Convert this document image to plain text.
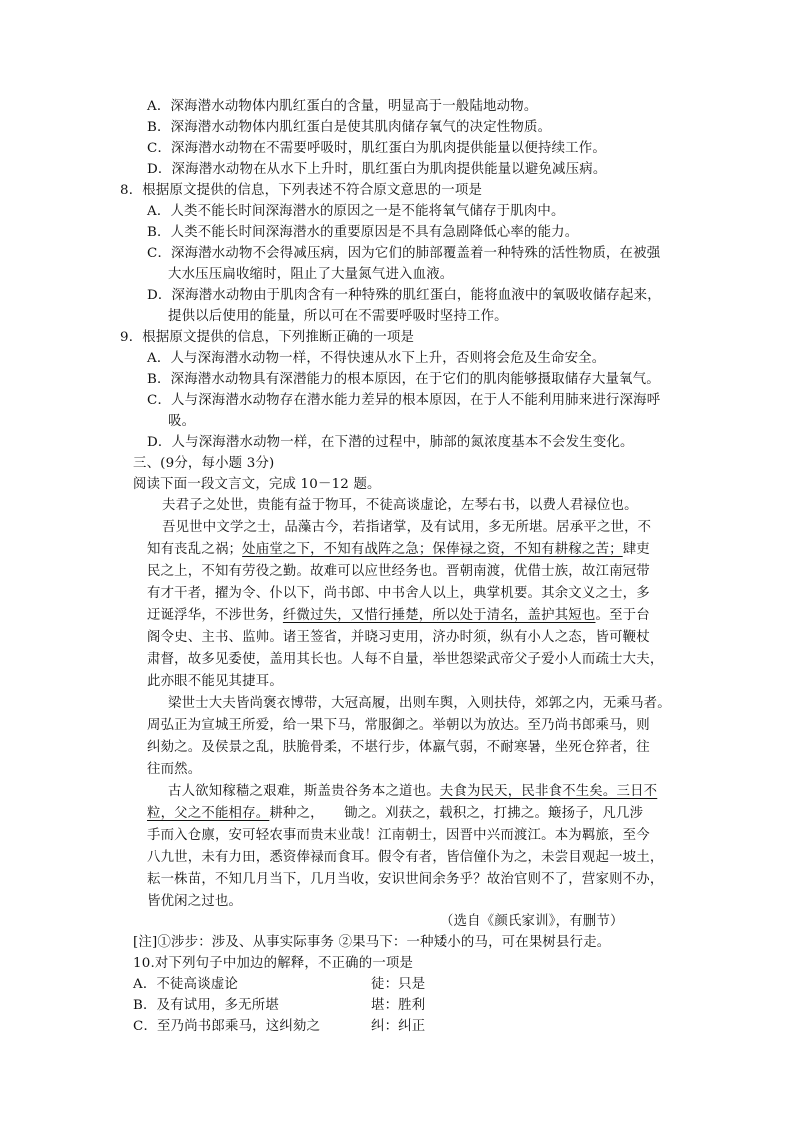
A．深海潜水动物体内肌红蛋白的含量，明显高于一般陆地动物。
B．深海潜水动物体内肌红蛋白是使其肌肉储存氧气的决定性物质。
C．深海潜水动物在不需要呼吸时，肌红蛋白为肌肉提供能量以便持续工作。
D．深海潜水动物在从水下上升时，肌红蛋白为肌肉提供能量以避免减压病。
8．根据原文提供的信息，下列表述不符合原文意思的一项是
A．人类不能长时间深海潜水的原因之一是不能将氧气储存于肌肉中。
B．人类不能长时间深海潜水的重要原因是不具有急剧降低心率的能力。
C．深海潜水动物不会得减压病，因为它们的肺部覆盖着一种特殊的活性物质，在被强
大水压压扁收缩时，阻止了大量氮气进入血液。
D．深海潜水动物由于肌肉含有一种特殊的肌红蛋白，能将血液中的氧吸收储存起来，
提供以后使用的能量，所以可在不需要呼吸时坚持工作。
9．根据原文提供的信息，下列推断正确的一项是
A．人与深海潜水动物一样，不得快速从水下上升，否则将会危及生命安全。
B．深海潜水动物具有深潜能力的根本原因，在于它们的肌肉能够摄取储存大量氧气。
C．人与深海潜水动物存在潜水能力差异的根本原因，在于人不能利用肺来进行深海呼
吸。
D．人与深海潜水动物一样，在下潜的过程中，肺部的氮浓度基本不会发生变化。
三、(9分，每小题 3分)
阅读下面一段文言文，完成 10－12 题。
夫君子之处世，贵能有益于物耳，不徒高谈虚论，左琴右书，以费人君禄位也。
吾见世中文学之士，品藻古今，若指诸掌，及有试用，多无所堪。居承平之世，不
知有丧乱之祸；处庙堂之下，不知有战阵之急；保俸禄之资，不知有耕稼之苦；肆吏
民之上，不知有劳役之勤。故难可以应世经务也。晋朝南渡，优借士族，故江南冠带
有才干者，擢为令、仆以下，尚书郎、中书舍人以上，典掌机要。其余文义之士，多
迂诞浮华，不涉世务，纤微过失，又惜行捶楚，所以处于清名，盖护其短也。至于台
阁令史、主书、监帅。诸王签省，并晓习吏用，济办时须，纵有小人之态，皆可鞭杖
肃督，故多见委使，盖用其长也。人每不自量，举世怨梁武帝父子爱小人而疏士大夫，
此亦眼不能见其捷耳。
梁世士大夫皆尚褒衣博带，大冠高履，出则车舆，入则扶侍，郊郭之内，无乘马者。
周弘正为宣城王所爱，给一果下马，常服御之。举朝以为放达。至乃尚书郎乘马，则
纠劾之。及侯景之乱，肤脆骨柔，不堪行步，体羸气弱，不耐寒暑，坐死仓猝者，往
往而然。
古人欲知稼穑之艰难，斯盖贵谷务本之道也。夫食为民天，民非食不生矣。三日不
粒，父之不能相存。耕种之，　　锄之。刈获之，载积之，打拂之。簸扬子，凡几涉
手而入仓廪，安可轻农事而贵末业哉！江南朝士，因晋中兴而渡江。本为羁旅，至今
八九世，未有力田，悉资俸禄而食耳。假令有者，皆信僮仆为之，未尝目观起一坡土，
耘一株苗，不知几月当下，几月当收，安识世间余务乎？故治官则不了，营家则不办，
皆优闲之过也。
（选自《颜氏家训》，有删节）
[注]①涉步：涉及、从事实际事务 ②果马下：一种矮小的马，可在果树县行走。
10.对下列句子中加边的解释，不正确的一项是
A．不徒高谈虚论	徒：只是
B．及有试用，多无所堪	堪：胜利
C．至乃尚书郎乘马，这纠劾之	纠：纠正
